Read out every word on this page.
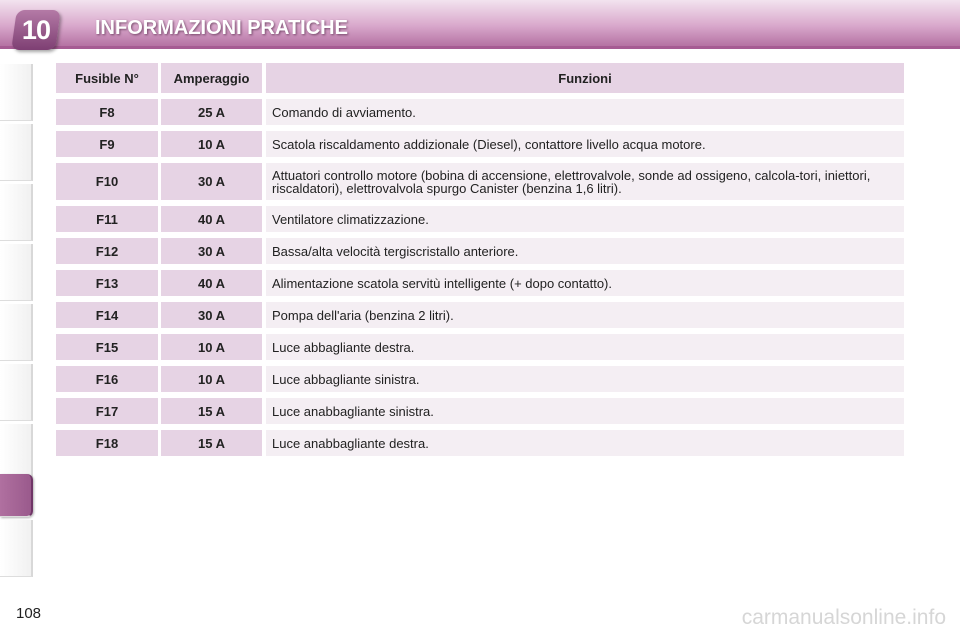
10 INFORMAZIONI PRATICHE
Fusible N°	Amperaggio	Funzioni
F8	25 A	Comando di avviamento.
F9	10 A	Scatola riscaldamento addizionale (Diesel), contattore livello acqua motore.
F10	30 A	Attuatori controllo motore (bobina di accensione, elettrovalvole, sonde ad ossigeno, calcola-tori, iniettori, riscaldatori), elettrovalvola spurgo Canister (benzina 1,6 litri).
F11	40 A	Ventilatore climatizzazione.
F12	30 A	Bassa/alta velocità tergiscristallo anteriore.
F13	40 A	Alimentazione scatola servitù intelligente (+ dopo contatto).
F14	30 A	Pompa dell'aria (benzina 2 litri).
F15	10 A	Luce abbagliante destra.
F16	10 A	Luce abbagliante sinistra.
F17	15 A	Luce anabbagliante sinistra.
F18	15 A	Luce anabbagliante destra.
108	carmanualsonline.info
